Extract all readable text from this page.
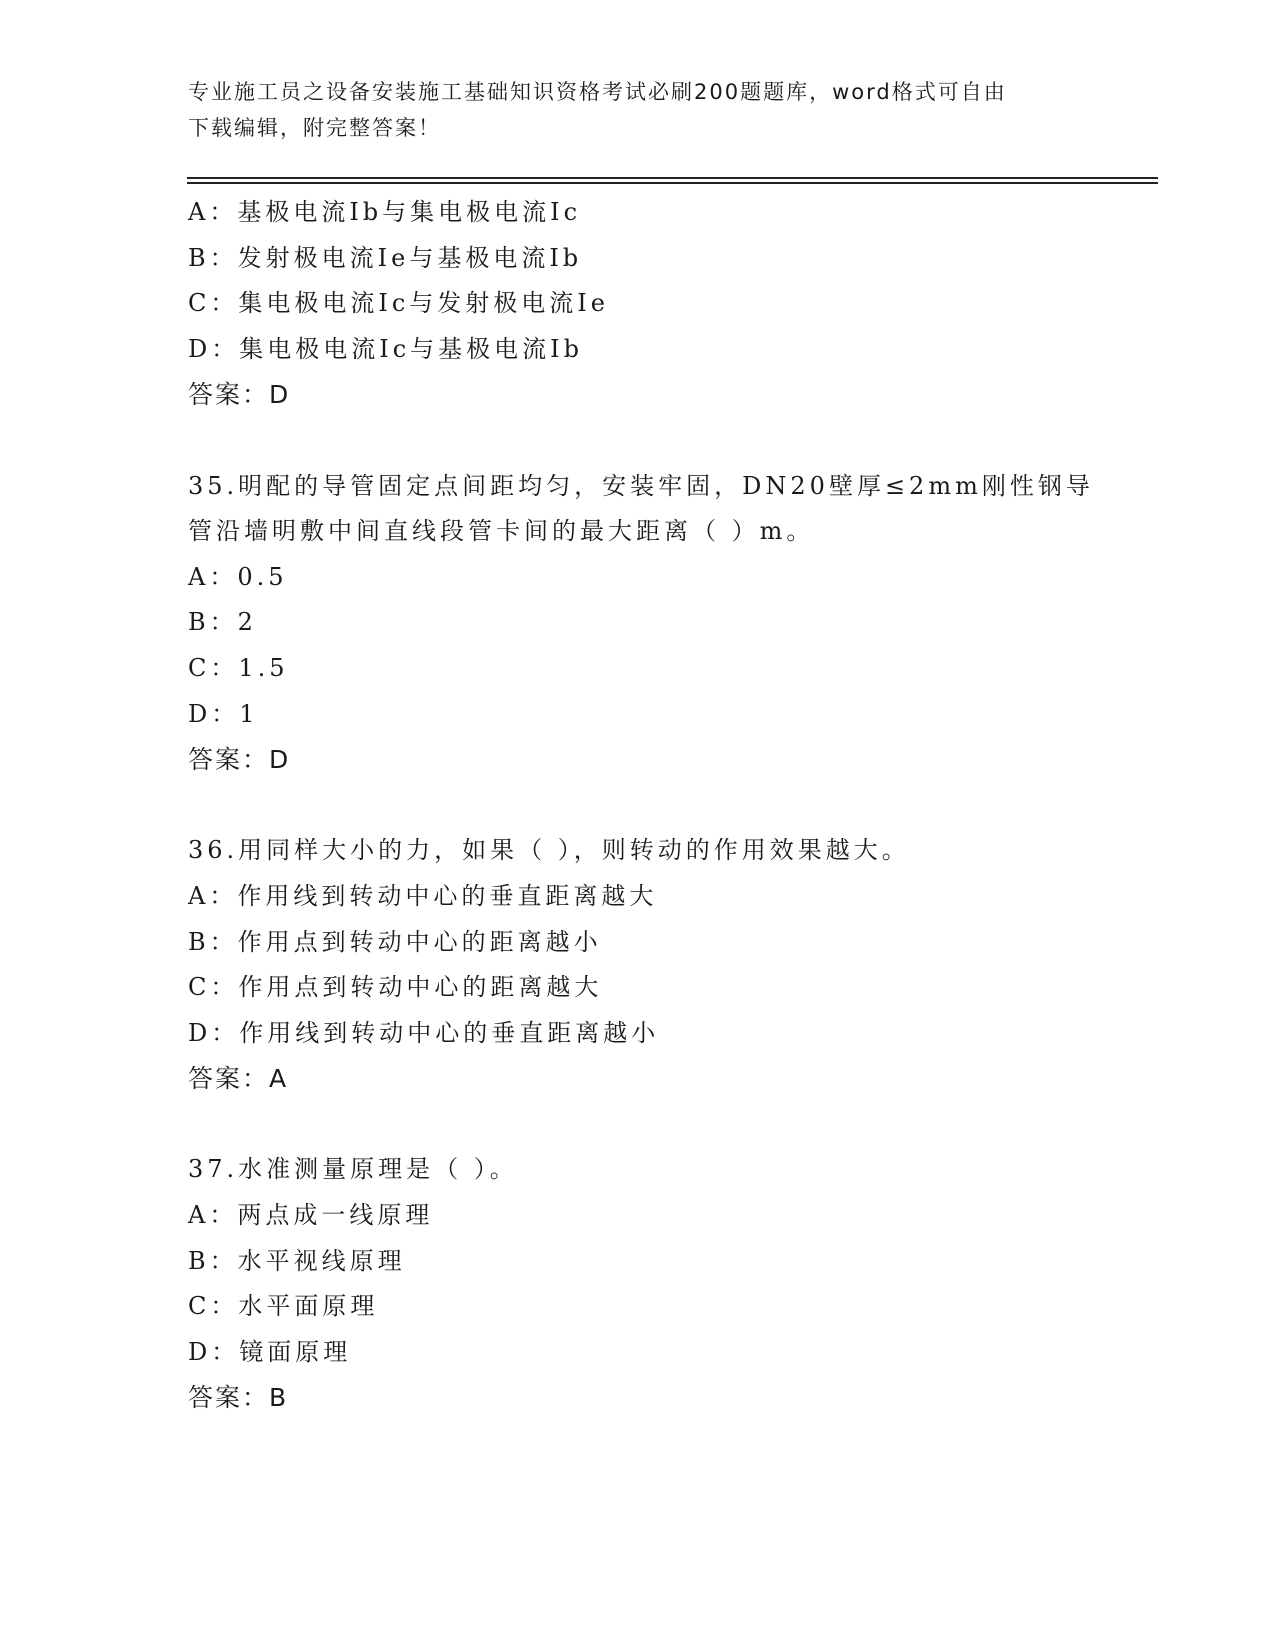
专业施工员之设备安装施工基础知识资格考试必刷200题题库，word格式可自由
下载编辑，附完整答案！
A：基极电流Ib与集电极电流Ic
B：发射极电流Ie与基极电流Ib
C：集电极电流Ic与发射极电流Ie
D：集电极电流Ic与基极电流Ib
答案：D
35.明配的导管固定点间距均匀，安装牢固，DN20壁厚≤2mm刚性钢导
管沿墙明敷中间直线段管卡间的最大距离（ ）m。
A：0.5
B：2
C：1.5
D：1
答案：D
36.用同样大小的力，如果（ ），则转动的作用效果越大。
A：作用线到转动中心的垂直距离越大
B：作用点到转动中心的距离越小
C：作用点到转动中心的距离越大
D：作用线到转动中心的垂直距离越小
答案：A
37.水准测量原理是（ ）。
A：两点成一线原理
B：水平视线原理
C：水平面原理
D：镜面原理
答案：B
